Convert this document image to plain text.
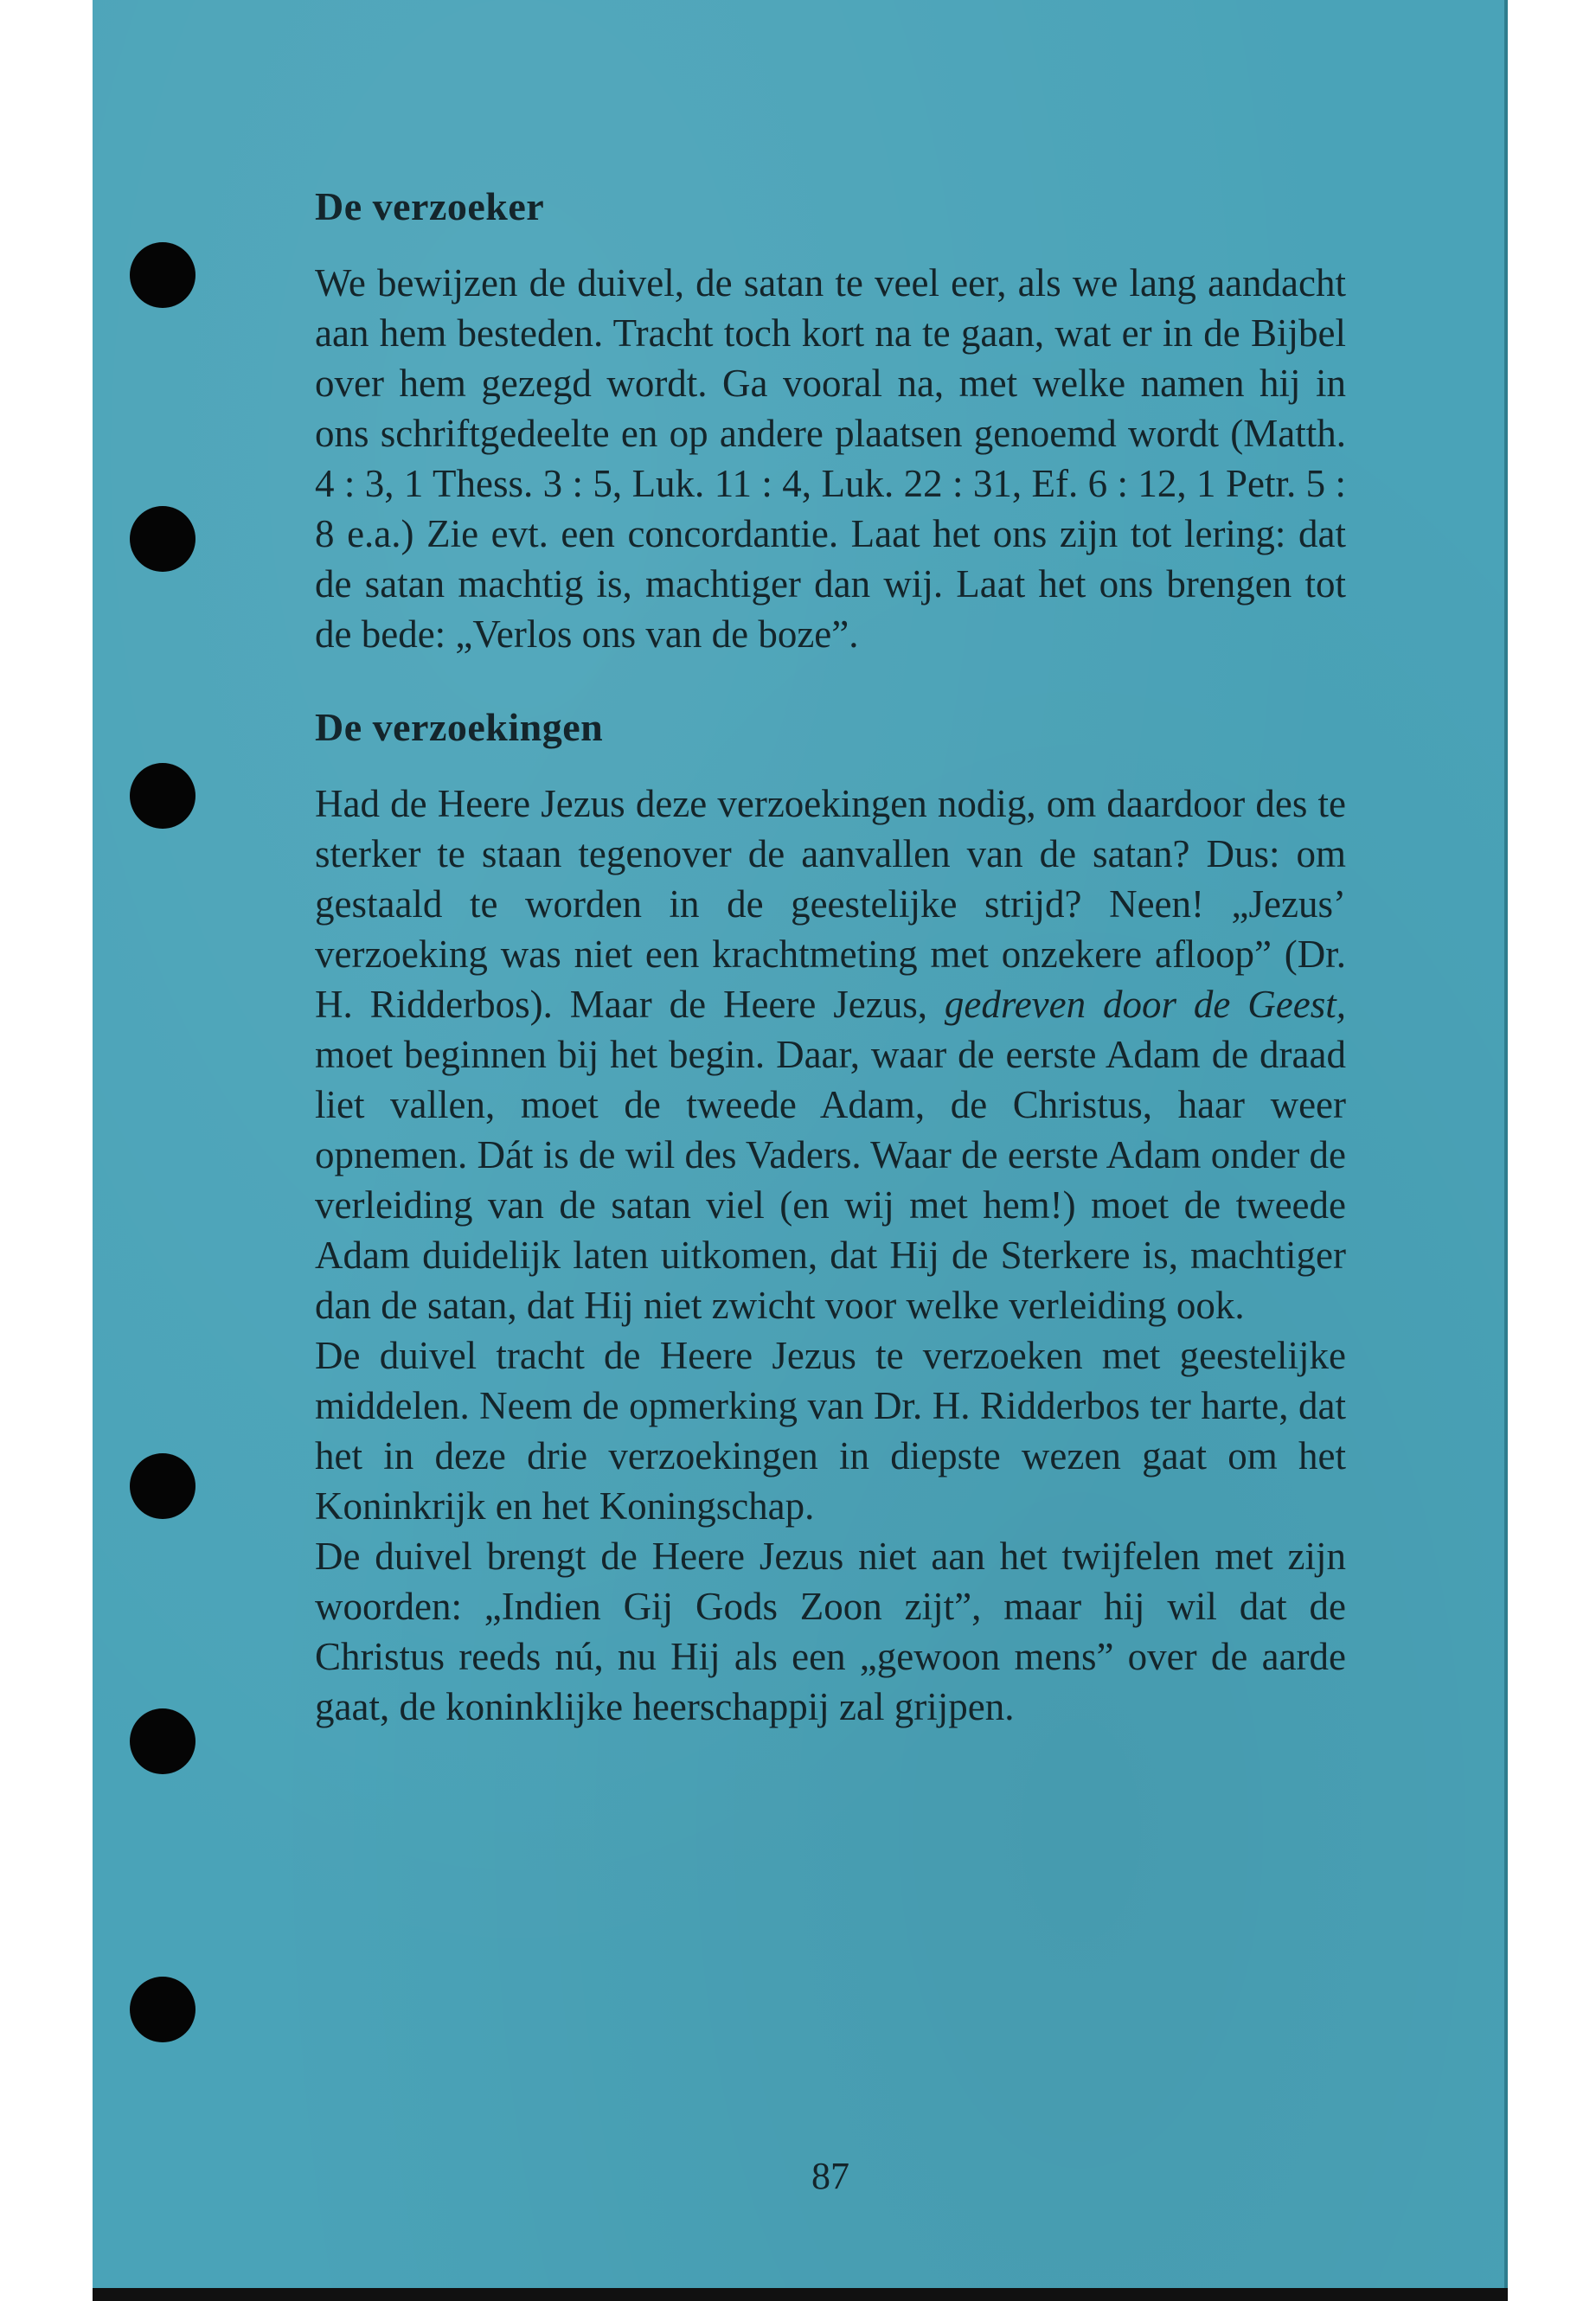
De verzoeker

We bewijzen de duivel, de satan te veel eer, als we lang aandacht aan hem besteden. Tracht toch kort na te gaan, wat er in de Bijbel over hem gezegd wordt. Ga vooral na, met welke namen hij in ons schriftgedeelte en op andere plaatsen genoemd wordt (Matth. 4 : 3, 1 Thess. 3 : 5, Luk. 11 : 4, Luk. 22 : 31, Ef. 6 : 12, 1 Petr. 5 : 8 e.a.) Zie evt. een concordantie. Laat het ons zijn tot lering: dat de satan machtig is, machtiger dan wij. Laat het ons brengen tot de bede: „Verlos ons van de boze”.

De verzoekingen

Had de Heere Jezus deze verzoekingen nodig, om daardoor des te sterker te staan tegenover de aanvallen van de satan? Dus: om gestaald te worden in de geestelijke strijd? Neen! „Jezus’ verzoeking was niet een krachtmeting met onzekere afloop” (Dr. H. Ridderbos). Maar de Heere Jezus, gedreven door de Geest, moet beginnen bij het begin. Daar, waar de eerste Adam de draad liet vallen, moet de tweede Adam, de Christus, haar weer opnemen. Dát is de wil des Vaders. Waar de eerste Adam onder de verleiding van de satan viel (en wij met hem!) moet de tweede Adam duidelijk laten uitkomen, dat Hij de Sterkere is, machtiger dan de satan, dat Hij niet zwicht voor welke verleiding ook.

De duivel tracht de Heere Jezus te verzoeken met geestelijke middelen. Neem de opmerking van Dr. H. Ridderbos ter harte, dat het in deze drie verzoekingen in diepste wezen gaat om het Koninkrijk en het Koningschap.

De duivel brengt de Heere Jezus niet aan het twijfelen met zijn woorden: „Indien Gij Gods Zoon zijt”, maar hij wil dat de Christus reeds nú, nu Hij als een „gewoon mens” over de aarde gaat, de koninklijke heerschappij zal grijpen.

87
